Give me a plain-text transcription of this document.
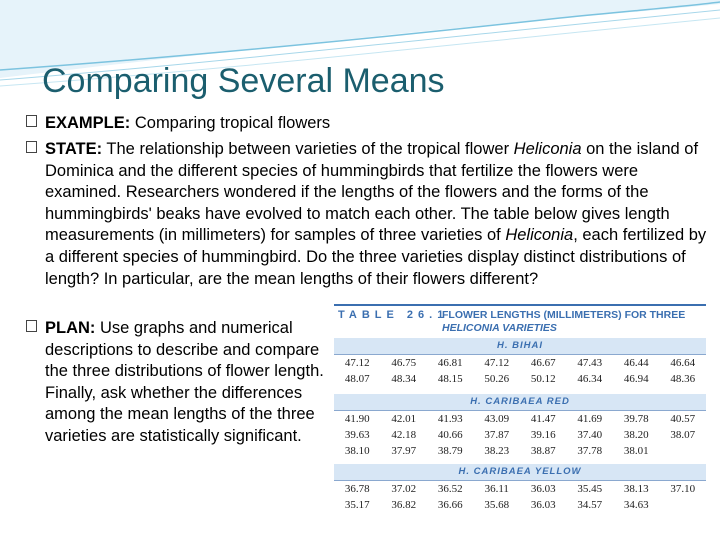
Comparing Several Means
EXAMPLE: Comparing tropical flowers
STATE: The relationship between varieties of the tropical flower Heliconia on the island of Dominica and the different species of hummingbirds that fertilize the flowers were examined. Researchers wondered if the lengths of the flowers and the forms of the hummingbirds' beaks have evolved to match each other. The table below gives length measurements (in millimeters) for samples of three varieties of Heliconia, each fertilized by a different species of hummingbird. Do the three varieties display distinct distributions of length? In particular, are the mean lengths of their flowers different?
PLAN: Use graphs and numerical descriptions to describe and compare the three distributions of flower length. Finally, ask whether the differences among the mean lengths of the three varieties are statistically significant.
TABLE 26.1
FLOWER LENGTHS (MILLIMETERS) FOR THREE
HELICONIA VARIETIES
H. BIHAI
47.12	46.75	46.81	47.12	46.67	47.43	46.44	46.64
48.07	48.34	48.15	50.26	50.12	46.34	46.94	48.36
H. CARIBAEA RED
41.90	42.01	41.93	43.09	41.47	41.69	39.78	40.57
39.63	42.18	40.66	37.87	39.16	37.40	38.20	38.07
38.10	37.97	38.79	38.23	38.87	37.78	38.01
H. CARIBAEA YELLOW
36.78	37.02	36.52	36.11	36.03	35.45	38.13	37.10
35.17	36.82	36.66	35.68	36.03	34.57	34.63
